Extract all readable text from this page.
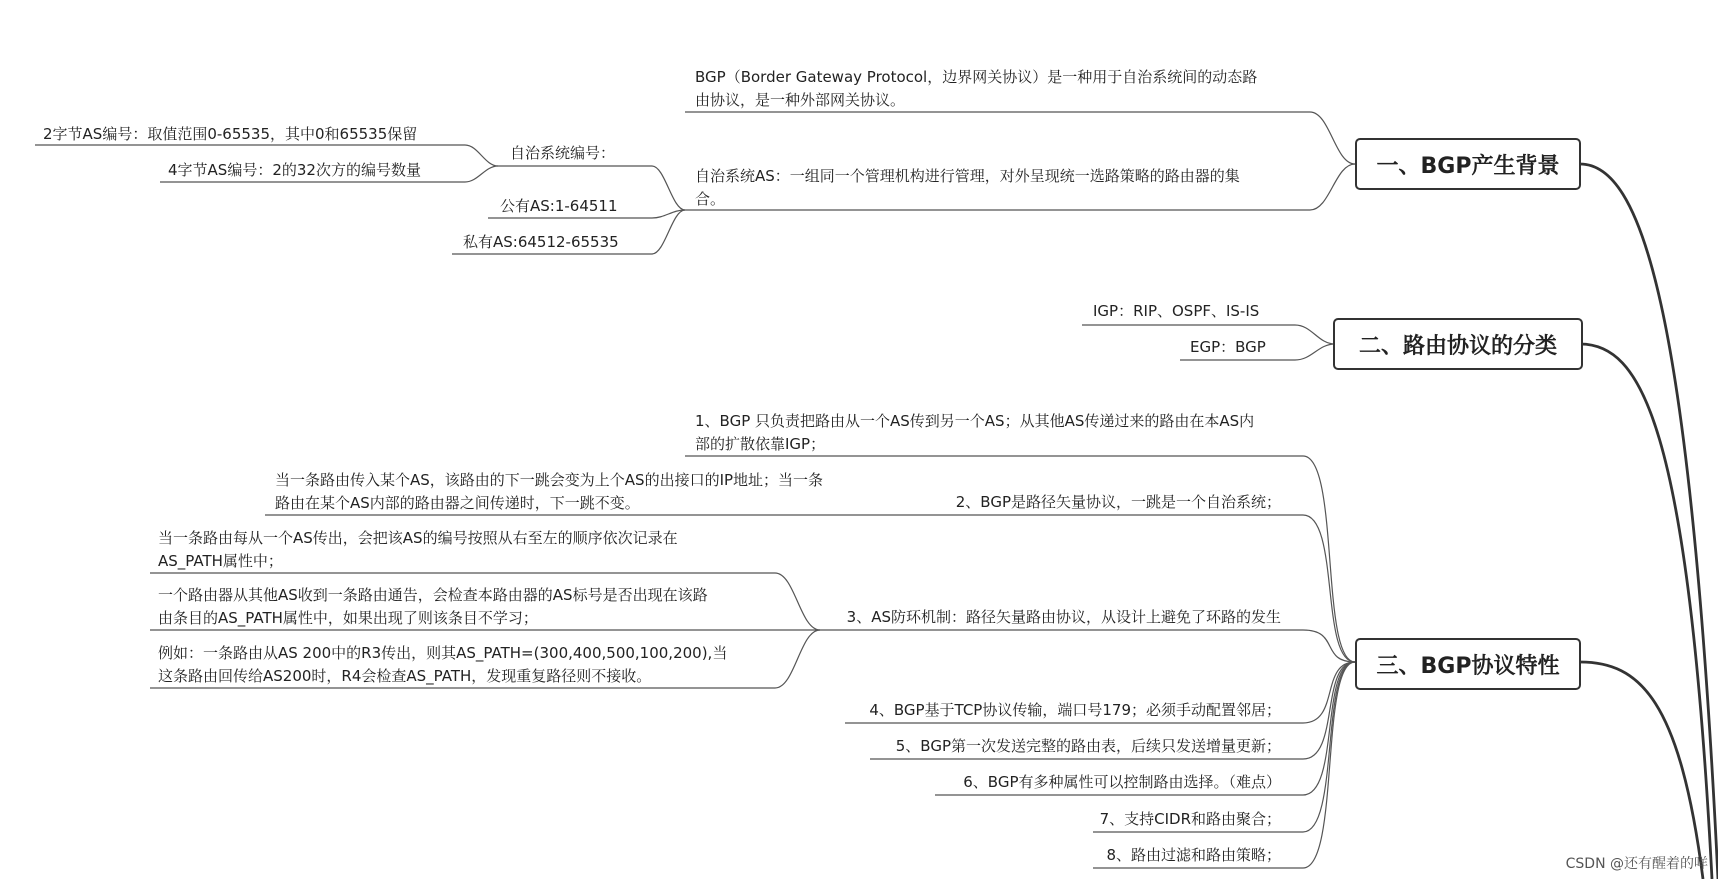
一、BGP产生背景
二、路由协议的分类
三、BGP协议特性
BGP（Border Gateway Protocol，边界网关协议）是一种用于自治系统间的动态路
由协议，是一种外部网关协议。
自治系统AS：一组同一个管理机构进行管理，对外呈现统一选路策略的路由器的集
合。
自治系统编号：
2字节AS编号：取值范围0-65535，其中0和65535保留
4字节AS编号：2的32次方的编号数量
公有AS:1-64511
私有AS:64512-65535
IGP：RIP、OSPF、IS-IS
EGP：BGP
1、BGP 只负责把路由从一个AS传到另一个AS；从其他AS传递过来的路由在本AS内
部的扩散依靠IGP；
当一条路由传入某个AS，该路由的下一跳会变为上个AS的出接口的IP地址；当一条
路由在某个AS内部的路由器之间传递时，下一跳不变。	2、BGP是路径矢量协议，一跳是一个自治系统；
当一条路由每从一个AS传出，会把该AS的编号按照从右至左的顺序依次记录在
AS_PATH属性中；
一个路由器从其他AS收到一条路由通告，会检查本路由器的AS标号是否出现在该路
由条目的AS_PATH属性中，如果出现了则该条目不学习；
例如：一条路由从AS 200中的R3传出，则其AS_PATH=(300,400,500,100,200),当
这条路由回传给AS200时，R4会检查AS_PATH，发现重复路径则不接收。
3、AS防环机制：路径矢量路由协议，从设计上避免了环路的发生
4、BGP基于TCP协议传输，端口号179；必须手动配置邻居；
5、BGP第一次发送完整的路由表，后续只发送增量更新；
6、BGP有多种属性可以控制路由选择。（难点）
7、支持CIDR和路由聚合；
8、路由过滤和路由策略；	CSDN @还有醒着的咩
